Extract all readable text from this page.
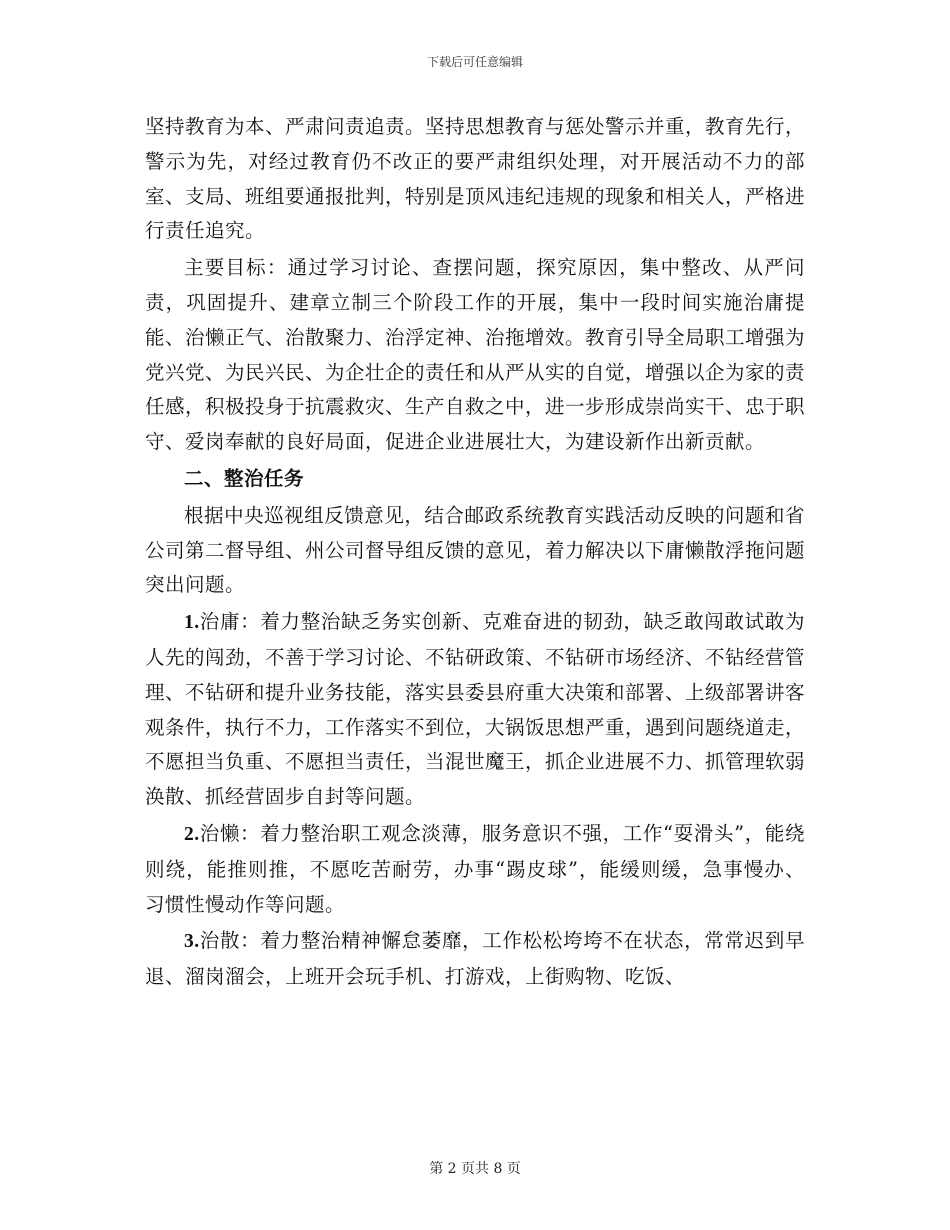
下载后可任意编辑

坚持教育为本、严肃问责追责。坚持思想教育与惩处警示并重，教育先行，警示为先，对经过教育仍不改正的要严肃组织处理，对开展活动不力的部室、支局、班组要通报批判，特别是顶风违纪违规的现象和相关人，严格进行责任追究。

主要目标：通过学习讨论、查摆问题，探究原因，集中整改、从严问责，巩固提升、建章立制三个阶段工作的开展，集中一段时间实施治庸提能、治懒正气、治散聚力、治浮定神、治拖增效。教育引导全局职工增强为党兴党、为民兴民、为企壮企的责任和从严从实的自觉，增强以企为家的责任感，积极投身于抗震救灾、生产自救之中，进一步形成崇尚实干、忠于职守、爱岗奉献的良好局面，促进企业进展壮大，为建设新作出新贡献。

二、整治任务

根据中央巡视组反馈意见，结合邮政系统教育实践活动反映的问题和省公司第二督导组、州公司督导组反馈的意见，着力解决以下庸懒散浮拖问题突出问题。

1.治庸：着力整治缺乏务实创新、克难奋进的韧劲，缺乏敢闯敢试敢为人先的闯劲，不善于学习讨论、不钻研政策、不钻研市场经济、不钻经营管理、不钻研和提升业务技能，落实县委县府重大决策和部署、上级部署讲客观条件，执行不力，工作落实不到位，大锅饭思想严重，遇到问题绕道走，不愿担当负重、不愿担当责任，当混世魔王，抓企业进展不力、抓管理软弱涣散、抓经营固步自封等问题。

2.治懒：着力整治职工观念淡薄，服务意识不强，工作“耍滑头”，能绕则绕，能推则推，不愿吃苦耐劳，办事“踢皮球”，能缓则缓，急事慢办、习惯性慢动作等问题。

3.治散：着力整治精神懈怠萎靡，工作松松垮垮不在状态，常常迟到早退、溜岗溜会，上班开会玩手机、打游戏，上街购物、吃饭、

第 2 页共 8 页
